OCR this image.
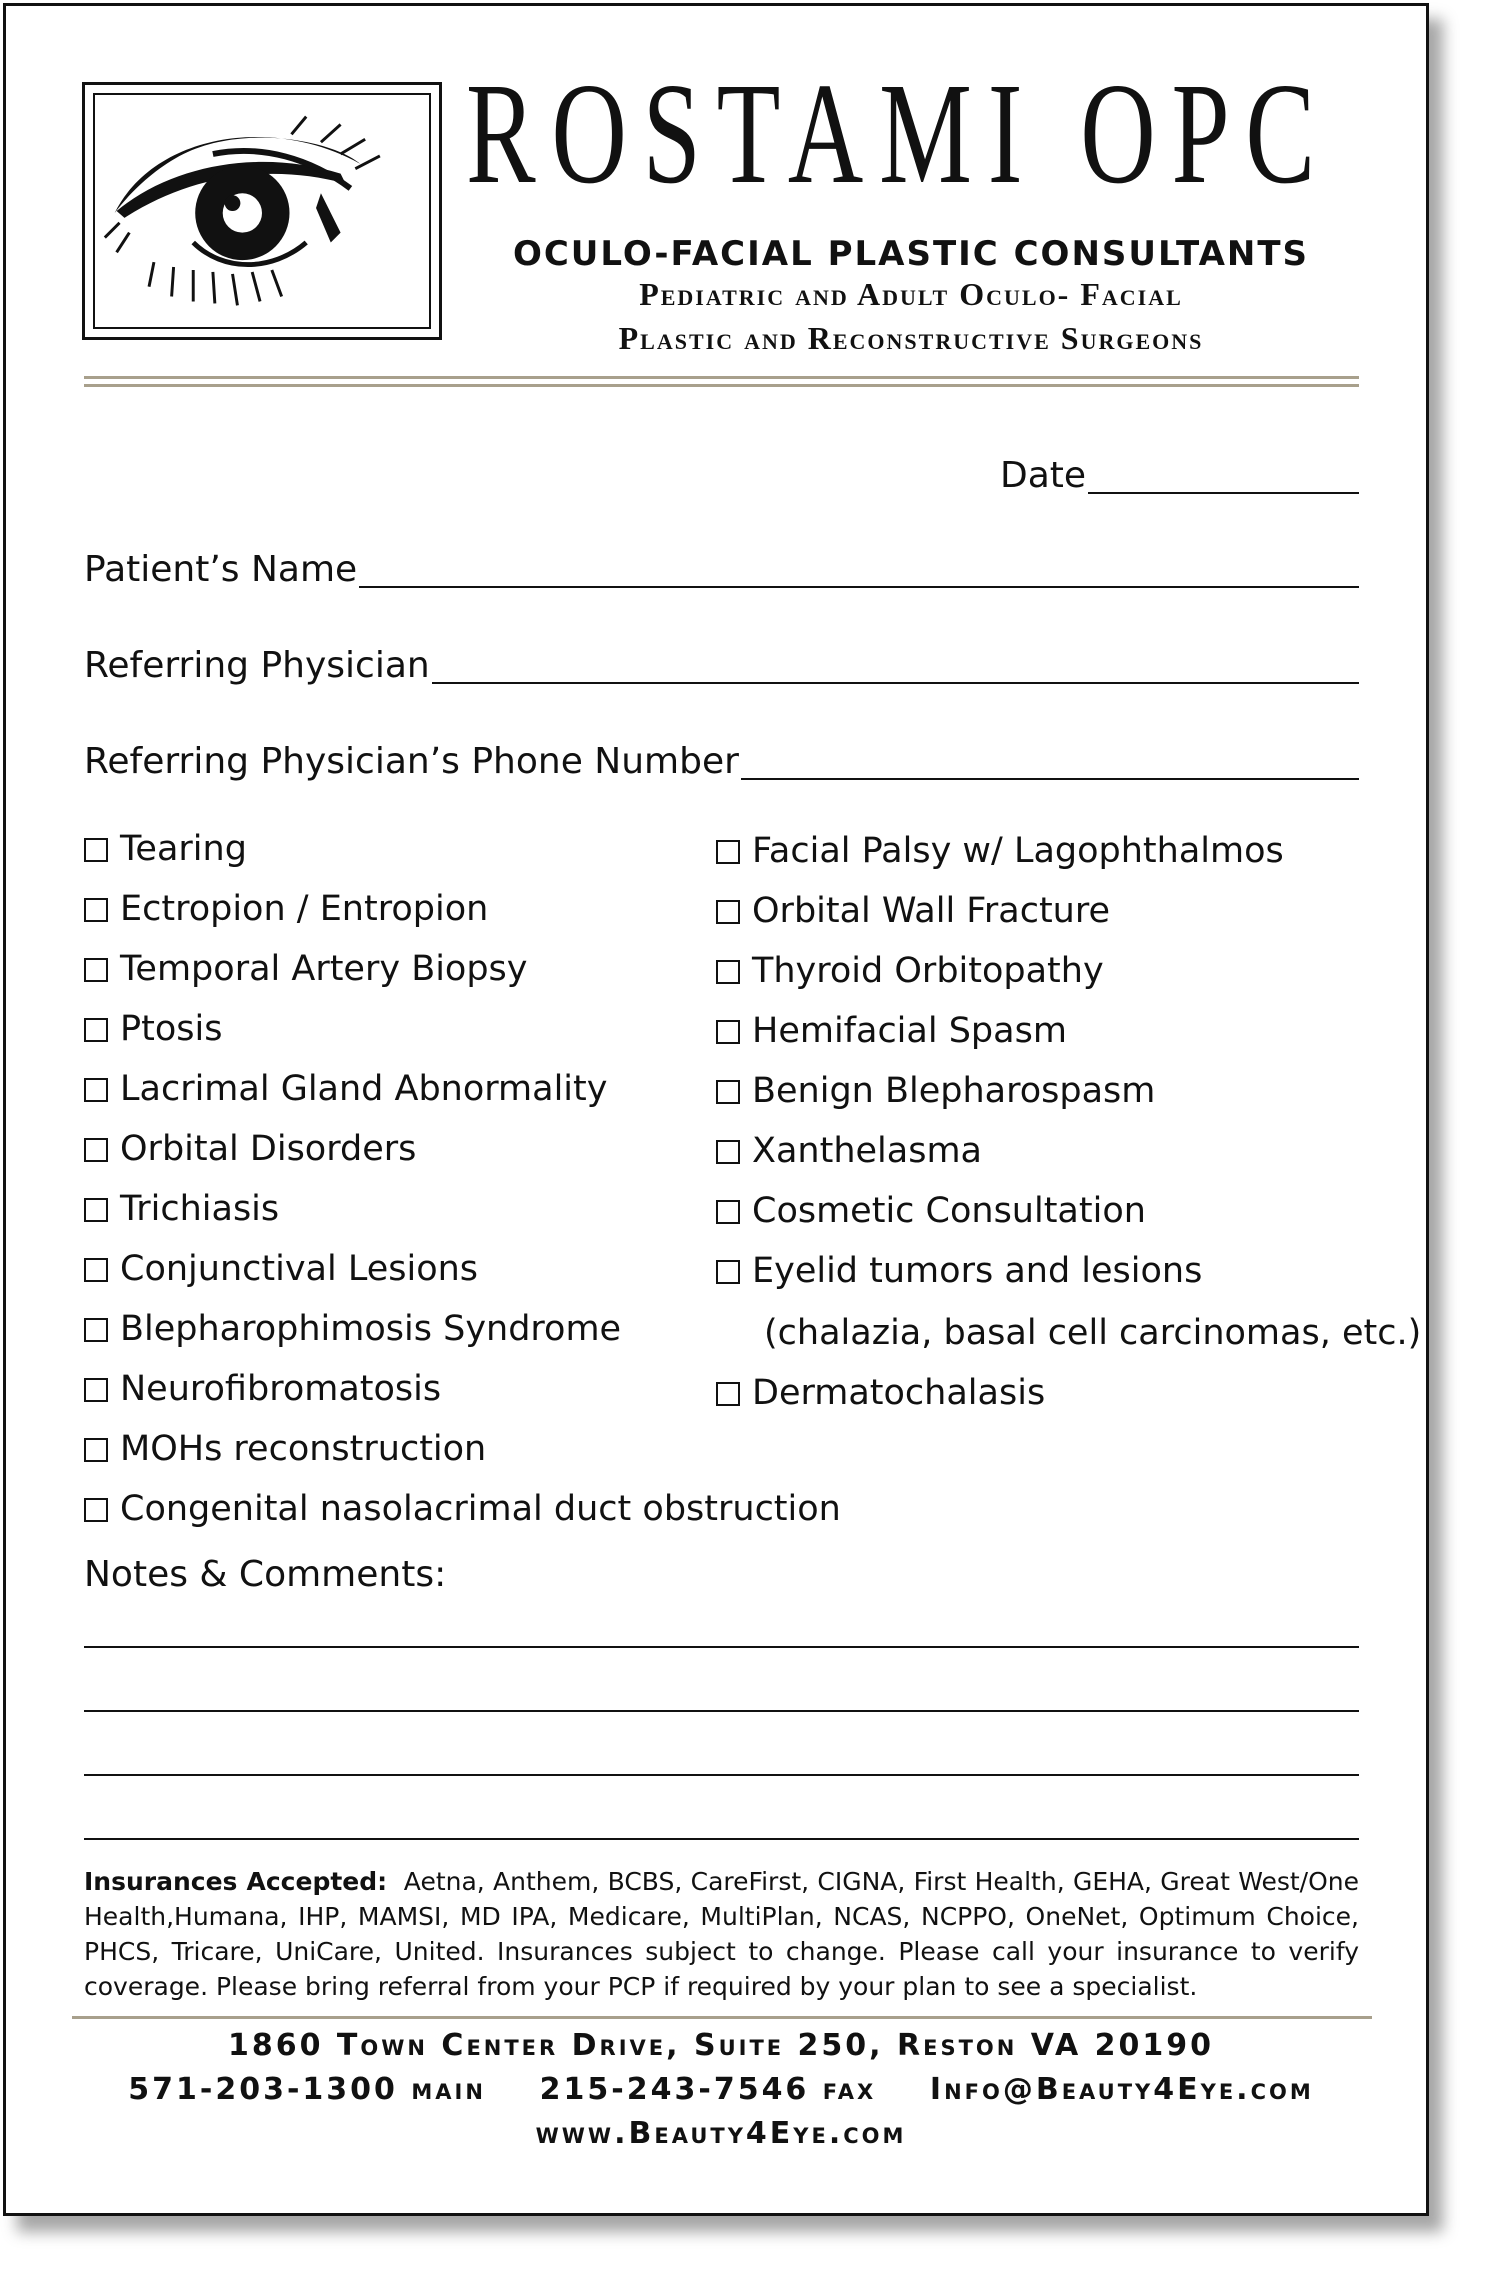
ROSTAMI OPC
OCULO-FACIAL PLASTIC CONSULTANTS
Pediatric and Adult Oculo- Facial
Plastic and Reconstructive Surgeons
Date
Patient’s Name
Referring Physician
Referring Physician’s Phone Number
Tearing
Ectropion / Entropion
Temporal Artery Biopsy
Ptosis
Lacrimal Gland Abnormality
Orbital Disorders
Trichiasis
Conjunctival Lesions
Blepharophimosis Syndrome
Neurofibromatosis
MOHs reconstruction
Congenital nasolacrimal duct obstruction
Facial Palsy w/ Lagophthalmos
Orbital Wall Fracture
Thyroid Orbitopathy
Hemifacial Spasm
Benign Blepharospasm
Xanthelasma
Cosmetic Consultation
Eyelid tumors and lesions
(chalazia, basal cell carcinomas, etc.)
Dermatochalasis
Notes & Comments:
Insurances Accepted: Aetna, Anthem, BCBS, CareFirst, CIGNA, First Health, GEHA, Great West/One Health,Humana, IHP, MAMSI, MD IPA, Medicare, MultiPlan, NCAS, NCPPO, OneNet, Optimum Choice, PHCS, Tricare, UniCare, United. Insurances subject to change. Please call your insurance to verify coverage. Please bring referral from your PCP if required by your plan to see a specialist.
1860 Town Center Drive, Suite 250, Reston VA 20190
571-203-1300 main    215-243-7546 fax    Info@Beauty4Eye.com
www.Beauty4Eye.com
